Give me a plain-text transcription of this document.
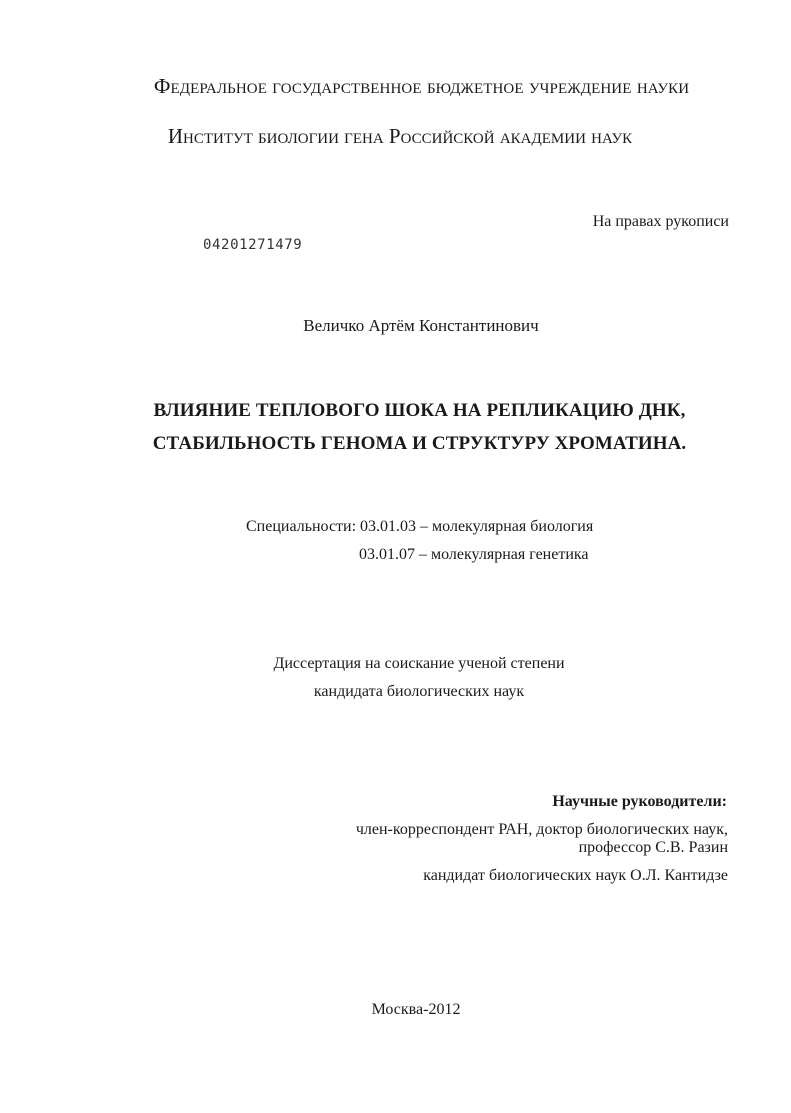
Федеральное государственное бюджетное учреждение науки
Институт биологии гена Российской академии наук
На правах рукописи
04201271479
Величко Артём Константинович
ВЛИЯНИЕ ТЕПЛОВОГО ШОКА НА РЕПЛИКАЦИЮ ДНК,
СТАБИЛЬНОСТЬ ГЕНОМА И СТРУКТУРУ ХРОМАТИНА.
Специальности: 03.01.03 – молекулярная биология
03.01.07 – молекулярная генетика
Диссертация на соискание ученой степени
кандидата биологических наук
Научные руководители:
член-корреспондент РАН, доктор биологических наук,
профессор С.В. Разин
кандидат биологических наук О.Л. Кантидзе
Москва-2012
